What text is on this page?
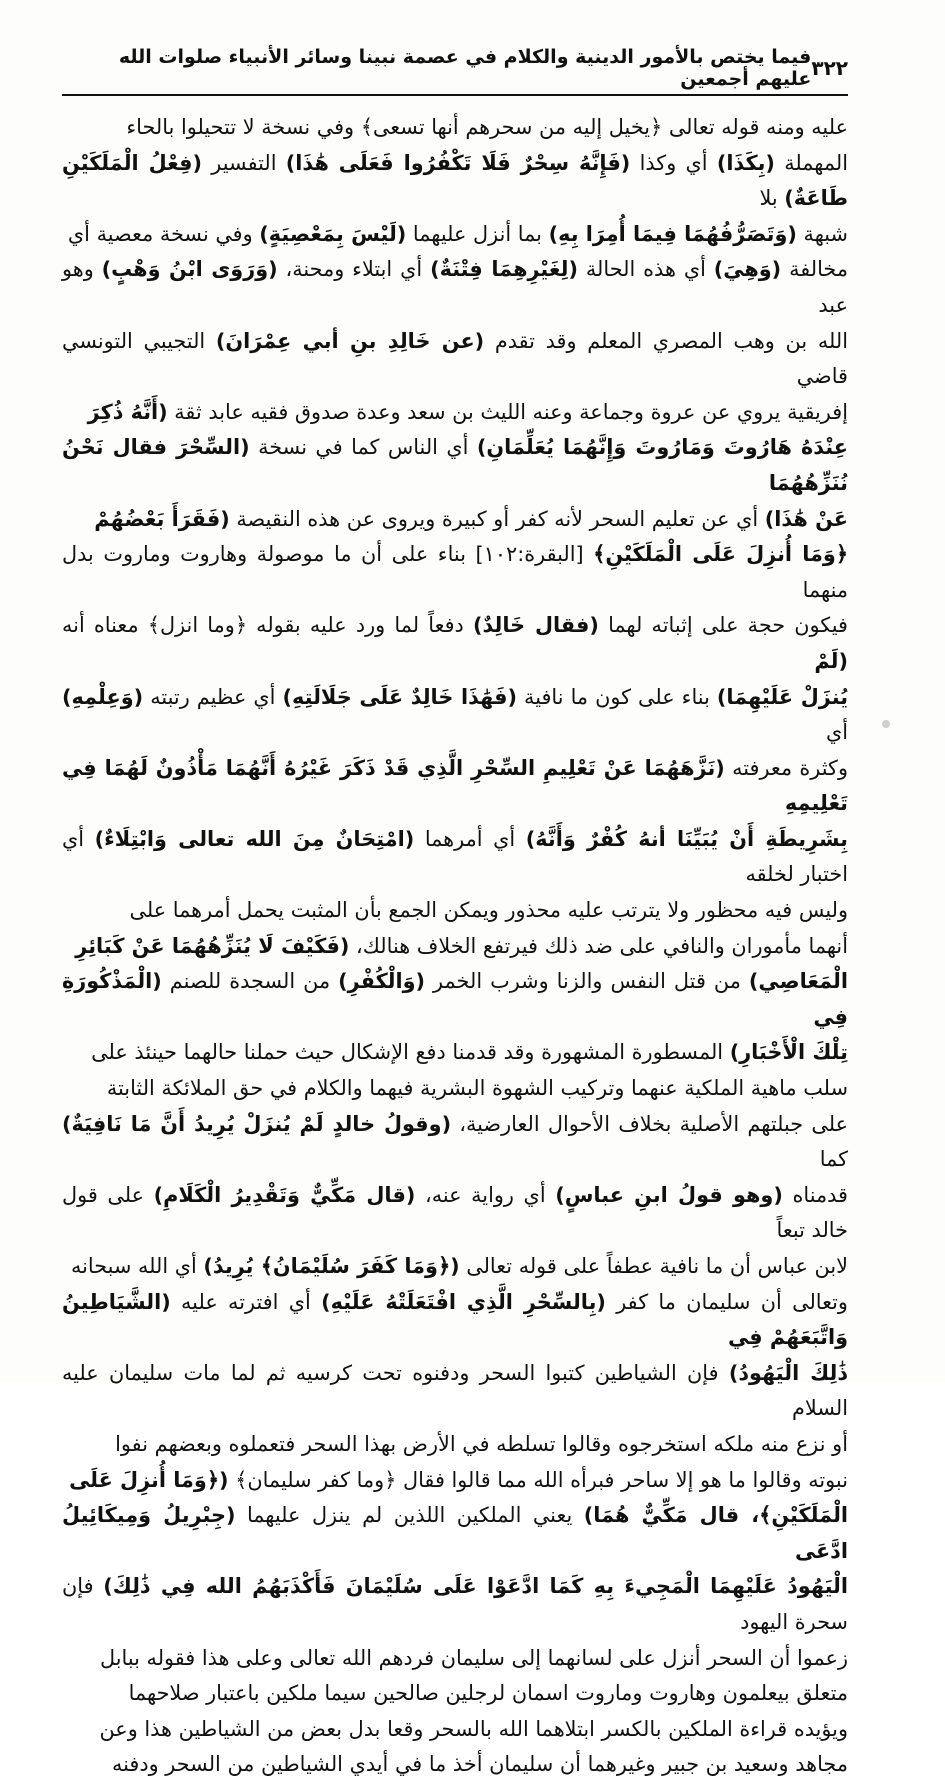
٣٢٢
فيما يختص بالأمور الدينية والكلام في عصمة نبينا وسائر الأنبياء صلوات الله عليهم أجمعين
عليه ومنه قوله تعالى ﴿يخيل إليه من سحرهم أنها تسعى﴾ وفي نسخة لا تتحيلوا بالحاء
المهملة (بِكَذَا) أي وكذا (فَإِنَّهُ سِحْرٌ فَلَا تَكْفُرُوا فَعَلَى هَٰذَا) التفسير (فِعْلُ الْمَلَكَيْنِ طَاعَةٌ) بلا
شبهة (وَتَصَرُّفُهُمَا فِيمَا أُمِرَا بِهِ) بما أنزل عليهما (لَيْسَ بِمَعْصِيَةٍ) وفي نسخة معصية أي
مخالفة (وَهِيَ) أي هذه الحالة (لِغَيْرِهِمَا فِتْنَةٌ) أي ابتلاء ومحنة، (وَرَوَى ابْنُ وَهْبٍ) وهو عبد
الله بن وهب المصري المعلم وقد تقدم (عن خَالِدِ بنِ أبي عِمْرَانَ) التجيبي التونسي قاضي
إفريقية يروي عن عروة وجماعة وعنه الليث بن سعد وعدة صدوق فقيه عابد ثقة (أَنَّهُ ذُكِرَ
عِنْدَهُ هَارُوتَ وَمَارُوتَ وَإِنَّهُمَا يُعَلِّمَانِ) أي الناس كما في نسخة (السِّحْرَ فقال نَحْنُ نُنَزِّهُهُمَا
عَنْ هَٰذَا) أي عن تعليم السحر لأنه كفر أو كبيرة ويروى عن هذه النقيصة (فَقَرَأَ بَعْضُهُمْ
﴿وَمَا أُنزِلَ عَلَى الْمَلَكَيْنِ﴾ [البقرة:١٠٢] بناء على أن ما موصولة وهاروت وماروت بدل منهما
فيكون حجة على إثباته لهما (فقال خَالِدٌ) دفعاً لما ورد عليه بقوله ﴿وما انزل﴾ معناه أنه (لَمْ
يُنزَلْ عَلَيْهِمَا) بناء على كون ما نافية (فَهَٰذَا خَالِدٌ عَلَى جَلَالَتِهِ) أي عظيم رتبته (وَعِلْمِهِ) أي
وكثرة معرفته (نَزَّهَهُمَا عَنْ تَعْلِيمِ السِّحْرِ الَّذِي قَدْ ذَكَرَ غَيْرُهُ أَنَّهُمَا مَأْذُونٌ لَهُمَا فِي تَعْلِيمِهِ
بِشَرِيطَةِ أَنْ يُبَيِّنَا أنهُ كُفْرٌ وَأَنَّهُ) أي أمرهما (امْتِحَانٌ مِنَ الله تعالى وَابْتِلَاءٌ) أي اختبار لخلقه
وليس فيه محظور ولا يترتب عليه محذور ويمكن الجمع بأن المثبت يحمل أمرهما على
أنهما مأموران والنافي على ضد ذلك فيرتفع الخلاف هنالك، (فَكَيْفَ لَا يُنَزِّهُهُمَا عَنْ كَبَائِرِ
الْمَعَاصِي) من قتل النفس والزنا وشرب الخمر (وَالْكُفْرِ) من السجدة للصنم (الْمَذْكُورَةِ فِي
تِلْكَ الْأَخْبَارِ) المسطورة المشهورة وقد قدمنا دفع الإشكال حيث حملنا حالهما حينئذ على
سلب ماهية الملكية عنهما وتركيب الشهوة البشرية فيهما والكلام في حق الملائكة الثابتة
على جبلتهم الأصلية بخلاف الأحوال العارضية، (وقولُ خالدٍ لَمْ يُنزَلْ يُرِيدُ أَنَّ مَا نَافِيَةٌ) كما
قدمناه (وهو قولُ ابنِ عباسٍ) أي رواية عنه، (قال مَكِّيٌّ وَتَقْدِيرُ الْكَلَامِ) على قول خالد تبعاً
لابن عباس أن ما نافية عطفاً على قوله تعالى (﴿وَمَا كَفَرَ سُلَيْمَانُ﴾ يُرِيدُ) أي الله سبحانه
وتعالى أن سليمان ما كفر (بِالسِّحْرِ الَّذِي افْتَعَلَتْهُ عَلَيْهِ) أي افترته عليه (الشَّيَاطِينُ وَاتَّبَعَهُمْ فِي
ذَٰلِكَ الْيَهُودُ) فإن الشياطين كتبوا السحر ودفنوه تحت كرسيه ثم لما مات سليمان عليه السلام
أو نزع منه ملكه استخرجوه وقالوا تسلطه في الأرض بهذا السحر فتعملوه وبعضهم نفوا
نبوته وقالوا ما هو إلا ساحر فبرأه الله مما قالوا فقال ﴿وما كفر سليمان﴾ (﴿وَمَا أُنزِلَ عَلَى
الْمَلَكَيْنِ﴾، قال مَكِّيٌّ هُمَا) يعني الملكين اللذين لم ينزل عليهما (جِبْرِيلُ وَمِيكَائِيلُ ادَّعَى
الْيَهُودُ عَلَيْهِمَا الْمَجِيءَ بِهِ كَمَا ادَّعَوْا عَلَى سُلَيْمَانَ فَأَكْذَبَهُمُ الله فِي ذَٰلِكَ) فإن سحرة اليهود
زعموا أن السحر أنزل على لسانهما إلى سليمان فردهم الله تعالى وعلى هذا فقوله ببابل
متعلق بيعلمون وهاروت وماروت اسمان لرجلين صالحين سيما ملكين باعتبار صلاحهما
ويؤيده قراءة الملكين بالكسر ابتلاهما الله بالسحر وقعا بدل بعض من الشياطين هذا وعن
مجاهد وسعيد بن جبير وغيرهما أن سليمان أخذ ما في أيدي الشياطين من السحر ودفنه
